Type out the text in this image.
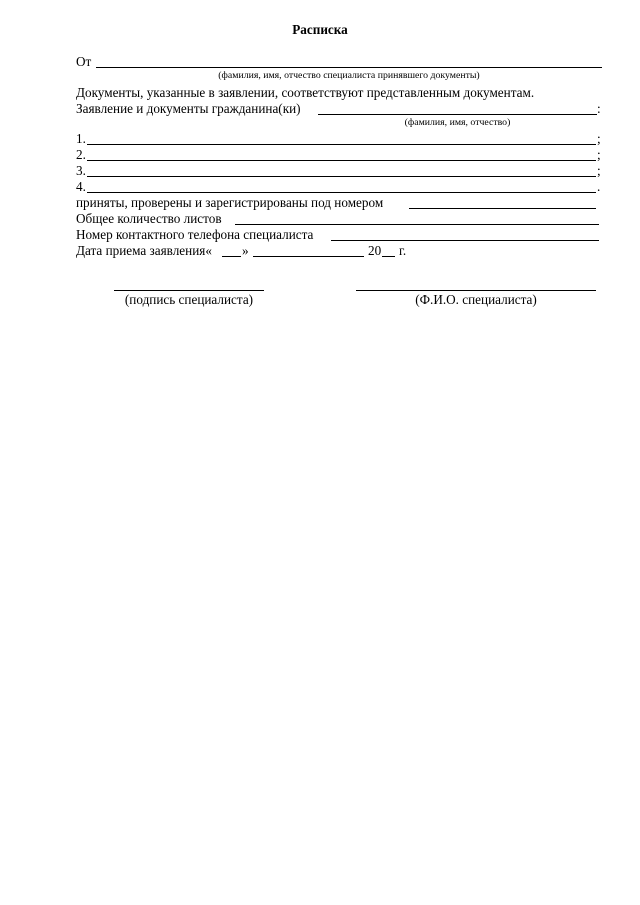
Расписка
От
(фамилия, имя, отчество специалиста принявшего документы)
Документы, указанные в заявлении, соответствуют представленным документам.
Заявление и документы гражданина(ки)	:
(фамилия, имя, отчество)
1.	;
2.	;
3.	;
4.	.
приняты, проверены и зарегистрированы под номером
Общее количество листов
Номер контактного телефона специалиста
Дата приема заявления« »	20 г.
(подпись специалиста)	(Ф.И.О. специалиста)
